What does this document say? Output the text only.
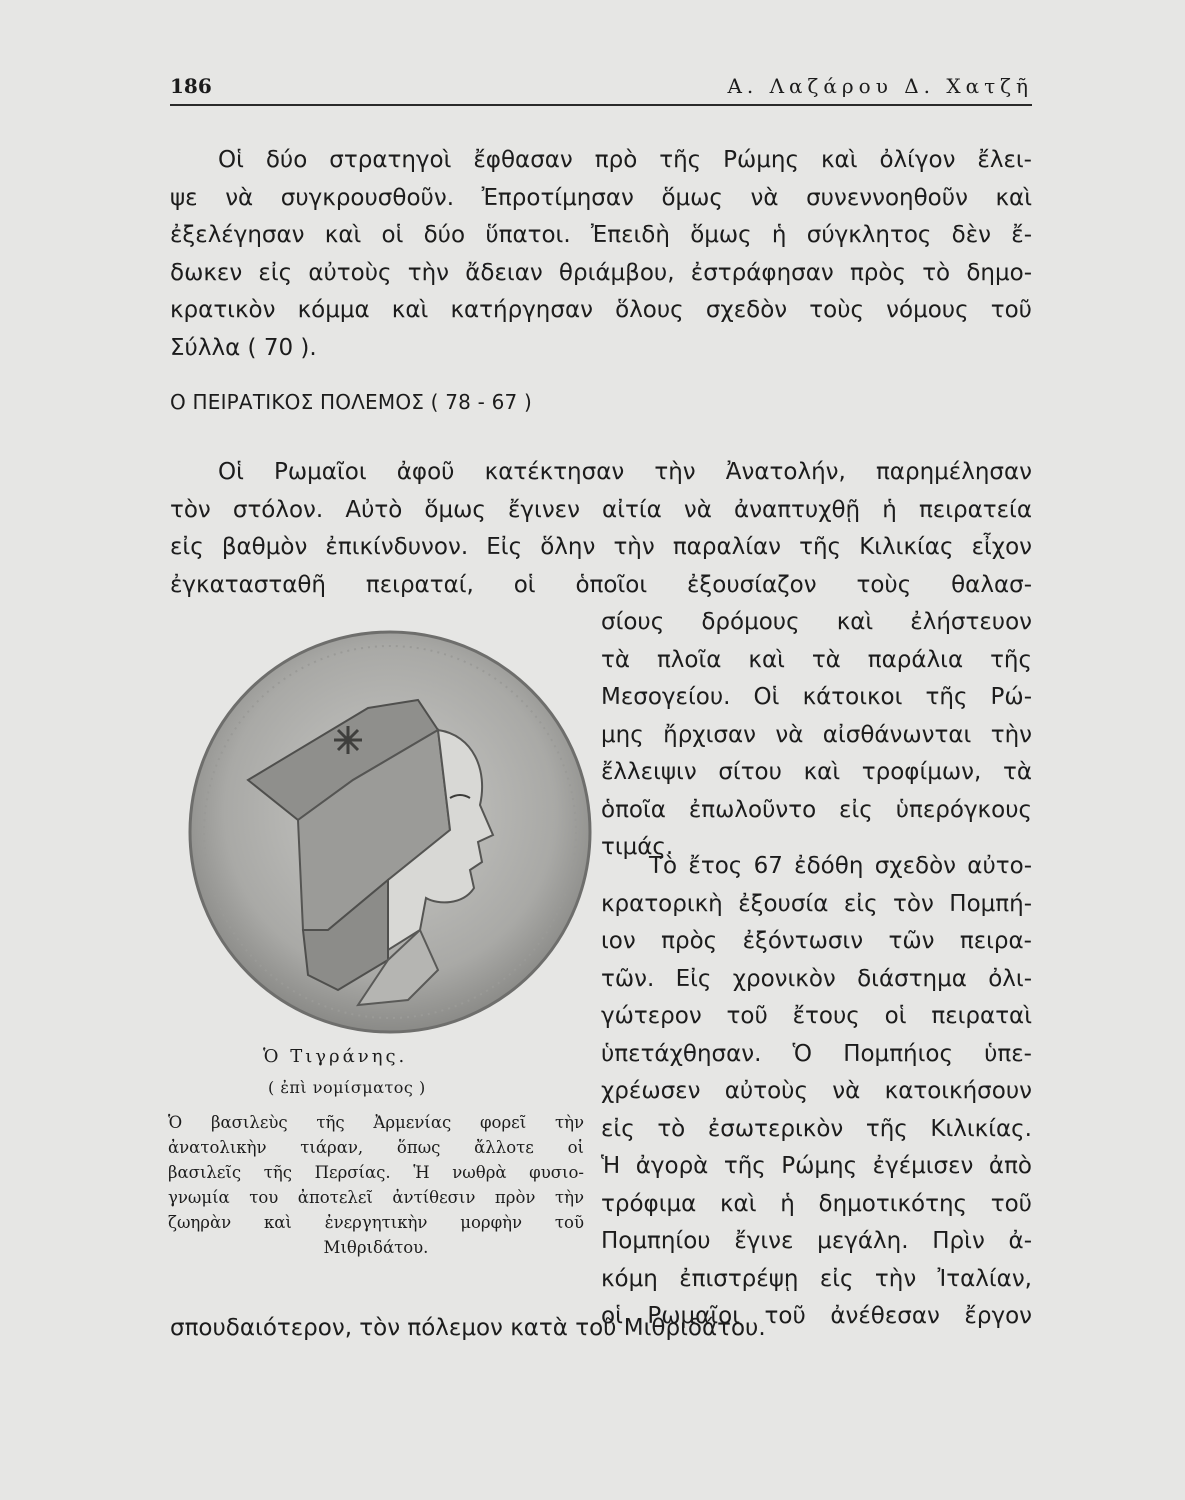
186	Α. Λαζάρου Δ. Χατζῆ
Οἱ δύο στρατηγοὶ ἔφθασαν πρὸ τῆς Ρώμης καὶ ὀλίγον ἔλει-
ψε νὰ συγκρουσθοῦν. Ἐπροτίμησαν ὅμως νὰ συνεννοηθοῦν καὶ
ἐξελέγησαν καὶ οἱ δύο ὕπατοι. Ἐπειδὴ ὅμως ἡ σύγκλητος δὲν ἔ-
δωκεν εἰς αὐτοὺς τὴν ἄδειαν θριάμβου, ἐστράφησαν πρὸς τὸ δημο-
κρατικὸν κόμμα καὶ κατήργησαν ὅλους σχεδὸν τοὺς νόμους τοῦ
Σύλλα ( 70 ).
Ο ΠΕΙΡΑΤΙΚΟΣ ΠΟΛΕΜΟΣ ( 78 - 67 )
Οἱ Ρωμαῖοι ἀφοῦ κατέκτησαν τὴν Ἀνατολήν, παρημέλησαν
τὸν στόλον. Αὐτὸ ὅμως ἔγινεν αἰτία νὰ ἀναπτυχθῇ ἡ πειρατεία
εἰς βαθμὸν ἐπικίνδυνον. Εἰς ὅλην τὴν παραλίαν τῆς Κιλικίας εἶχον
ἐγκατασταθῆ πειραταί, οἱ ὁποῖοι ἐξουσίαζον τοὺς θαλασ-
σίους δρόμους καὶ ἐλήστευον
τὰ πλοῖα καὶ τὰ παράλια τῆς
Μεσογείου. Οἱ κάτοικοι τῆς Ρώ-
μης ἤρχισαν νὰ αἰσθάνωνται τὴν
ἔλλειψιν σίτου καὶ τροφίμων, τὰ
ὁποῖα ἐπωλοῦντο εἰς ὑπερόγκους
τιμάς.
Τὸ ἔτος 67 ἐδόθη σχεδὸν αὐτο-
κρατορικὴ ἐξουσία εἰς τὸν Πομπή-
ιον πρὸς ἐξόντωσιν τῶν πειρα-
τῶν. Εἰς χρονικὸν διάστημα ὀλι-
γώτερον τοῦ ἔτους οἱ πειραταὶ
ὑπετάχθησαν. Ὁ Πομπήιος ὑπε-
χρέωσεν αὐτοὺς νὰ κατοικήσουν
εἰς τὸ ἐσωτερικὸν τῆς Κιλικίας.
Ἡ ἀγορὰ τῆς Ρώμης ἐγέμισεν ἀπὸ
τρόφιμα καὶ ἡ δημοτικότης τοῦ
Πομπηίου ἔγινε μεγάλη. Πρὶν ἀ-
κόμη ἐπιστρέψῃ εἰς τὴν Ἰταλίαν,
οἱ Ρωμαῖοι τοῦ ἀνέθεσαν ἔργον
σπουδαιότερον, τὸν πόλεμον κατὰ τοῦ Μιθριδάτου.
Ὁ Τιγράνης.
( ἐπὶ νομίσματος )
Ὁ βασιλεὺς τῆς Ἀρμενίας φορεῖ τὴν
ἀνατολικὴν τιάραν, ὅπως ἄλλοτε οἱ
βασιλεῖς τῆς Περσίας. Ἡ νωθρὰ φυσιο-
γνωμία του ἀποτελεῖ ἀντίθεσιν πρὸν τὴν
ζωηρὰν καὶ ἐνεργητικὴν μορφὴν τοῦ
Μιθριδάτου.
